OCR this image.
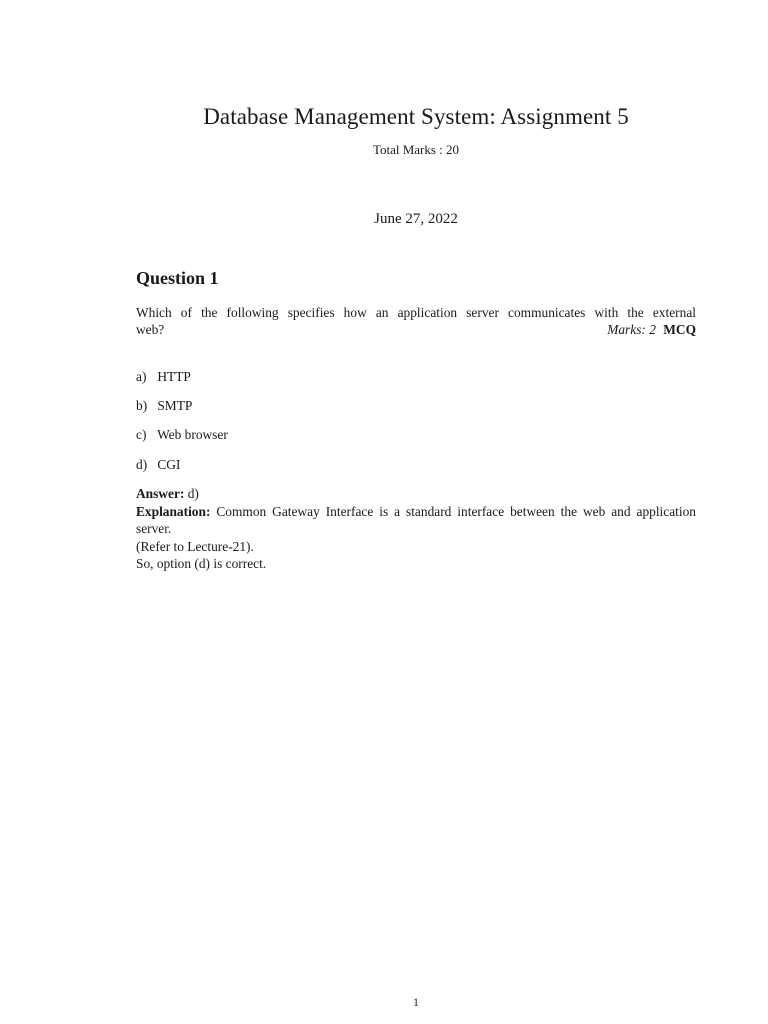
Database Management System: Assignment 5
Total Marks : 20
June 27, 2022
Question 1
Which of the following specifies how an application server communicates with the external
web?	Marks: 2 MCQ
a) HTTP
b) SMTP
c) Web browser
d) CGI
Answer: d)
Explanation: Common Gateway Interface is a standard interface between the web and application server.
(Refer to Lecture-21).
So, option (d) is correct.
1
